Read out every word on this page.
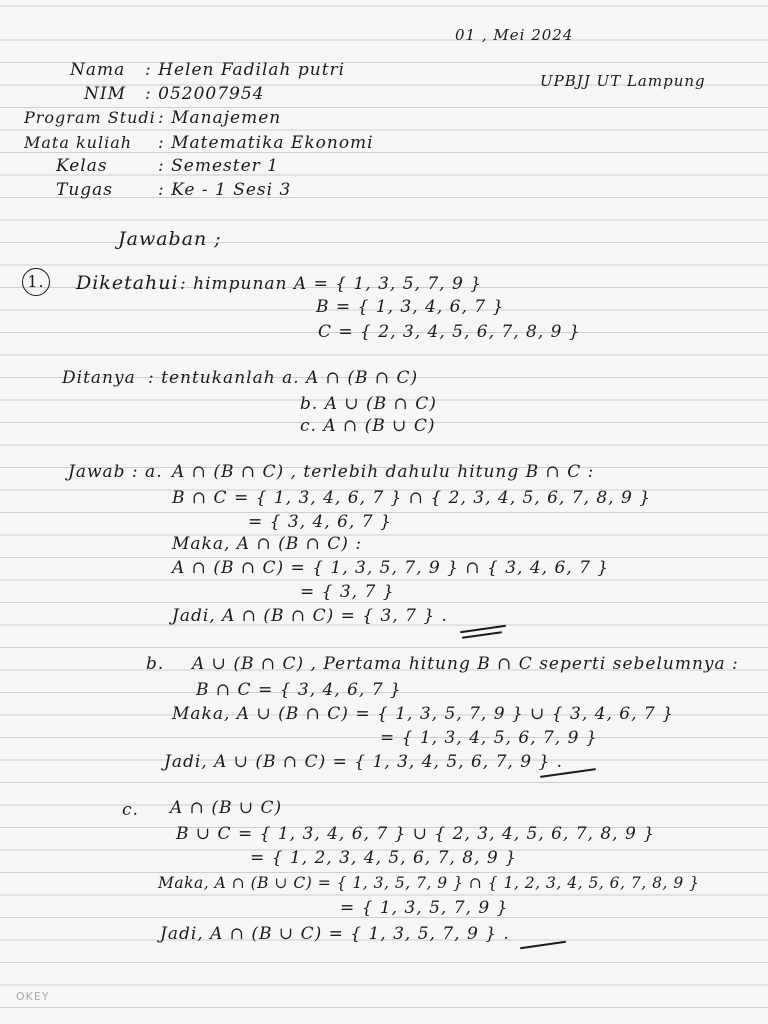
01 , Mei 2024
UPBJJ UT Lampung
Nama : Helen Fadilah putri
NIM : 052007954
Program Studi : Manajemen
Mata kuliah : Matematika Ekonomi
Kelas	: Semester 1
Tugas	: Ke - 1 Sesi 3
Jawaban ;
1. Diketahui : himpunan A = { 1, 3, 5, 7, 9 }
B = { 1, 3, 4, 6, 7 }
C = { 2, 3, 4, 5, 6, 7, 8, 9 }
Ditanya : tentukanlah a. A ∩ (B ∩ C)
b. A ∪ (B ∩ C)
c. A ∩ (B ∪ C)
Jawab : a. A ∩ (B ∩ C) , terlebih dahulu hitung B ∩ C :
B ∩ C = { 1, 3, 4, 6, 7 } ∩ { 2, 3, 4, 5, 6, 7, 8, 9 }
= { 3, 4, 6, 7 }
Maka, A ∩ (B ∩ C) :
A ∩ (B ∩ C) = { 1, 3, 5, 7, 9 } ∩ { 3, 4, 6, 7 }
= { 3, 7 }
Jadi, A ∩ (B ∩ C) = { 3, 7 } .
b. A ∪ (B ∩ C) , Pertama hitung B ∩ C seperti sebelumnya :
B ∩ C = { 3, 4, 6, 7 }
Maka, A ∪ (B ∩ C) = { 1, 3, 5, 7, 9 } ∪ { 3, 4, 6, 7 }
= { 1, 3, 4, 5, 6, 7, 9 }
Jadi, A ∪ (B ∩ C) = { 1, 3, 4, 5, 6, 7, 9 } .
c. A ∩ (B ∪ C)
B ∪ C = { 1, 3, 4, 6, 7 } ∪ { 2, 3, 4, 5, 6, 7, 8, 9 }
= { 1, 2, 3, 4, 5, 6, 7, 8, 9 }
Maka, A ∩ (B ∪ C) = { 1, 3, 5, 7, 9 } ∩ { 1, 2, 3, 4, 5, 6, 7, 8, 9 }
= { 1, 3, 5, 7, 9 }
Jadi, A ∩ (B ∪ C) = { 1, 3, 5, 7, 9 } .
OKEY
